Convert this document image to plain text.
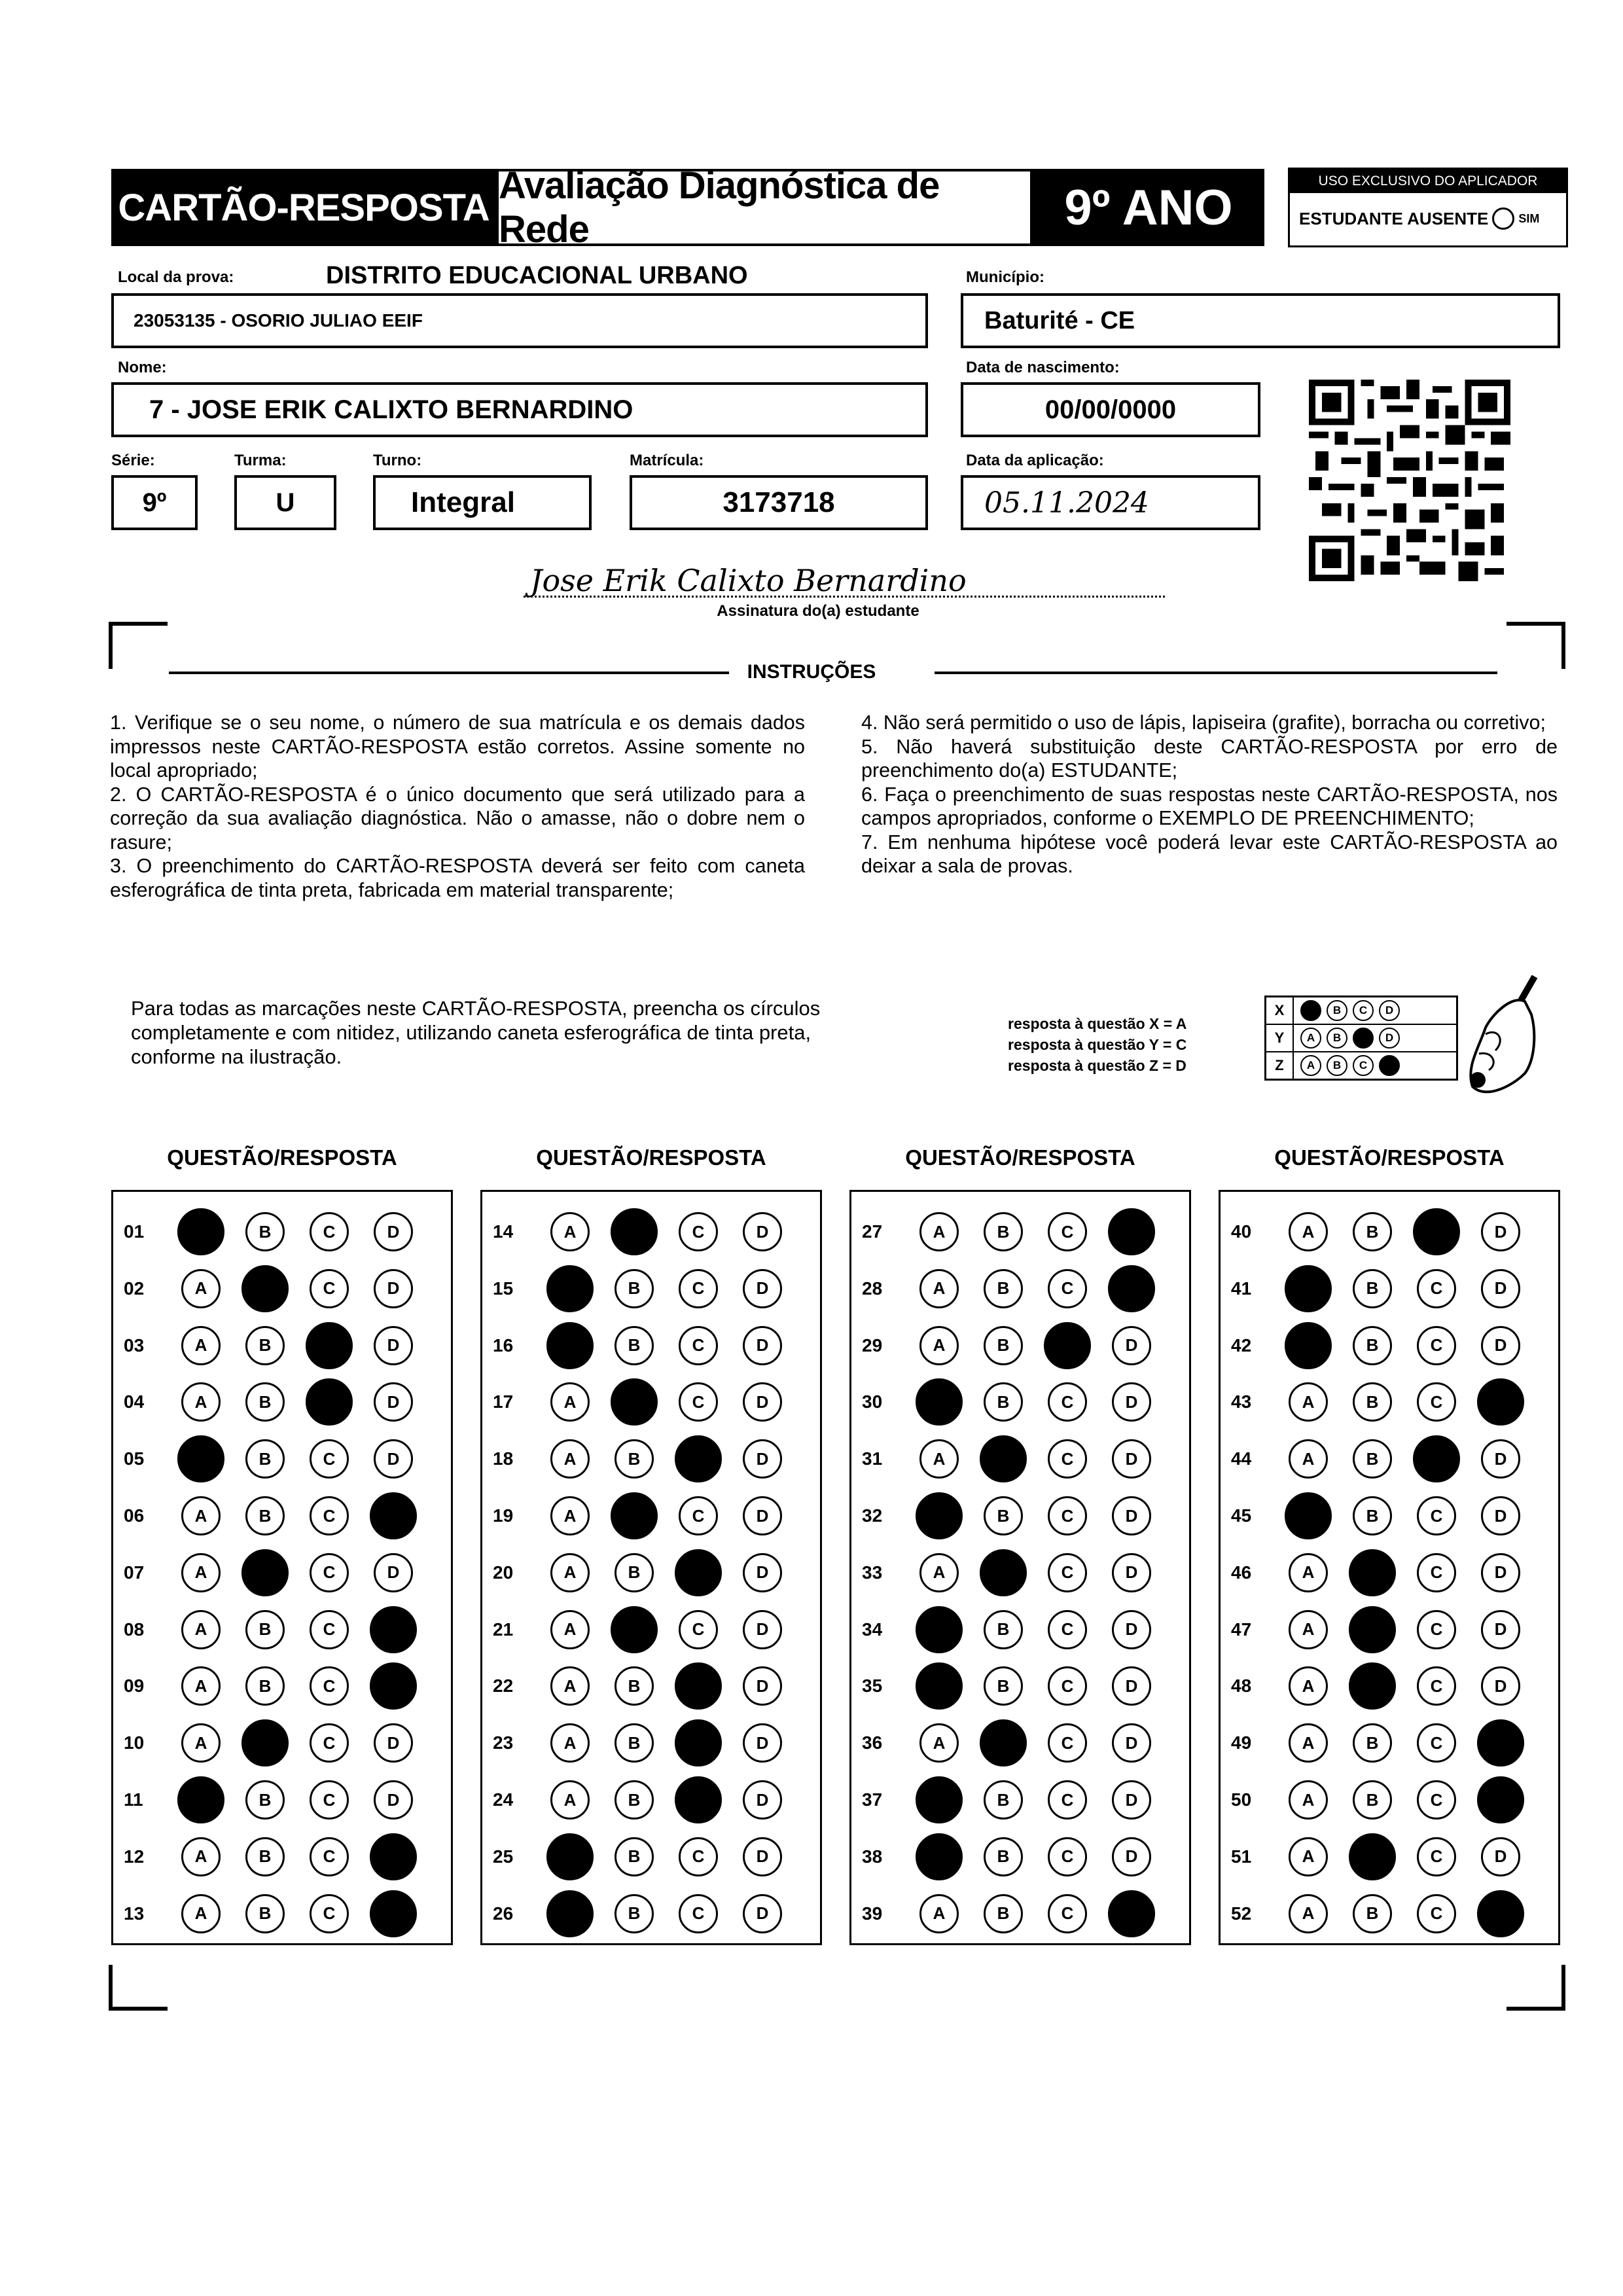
CARTÃO-RESPOSTA
Avaliação Diagnóstica de Rede	9º ANO	USO EXCLUSIVO DO APLICADOR
ESTUDANTE AUSENTE	SIM
Local da prova:	DISTRITO EDUCACIONAL URBANO
23053135 - OSORIO JULIAO EEIF
Município:
Baturité - CE
Nome:
7 - JOSE ERIK CALIXTO BERNARDINO
Data de nascimento:
00/00/0000
Série:
9º
Turma:
U
Turno:
Integral
Matrícula:
3173718
Data da aplicação:
05.11.2024
Jose Erik Calixto Bernardino
Assinatura do(a) estudante
INSTRUÇÕES
1. Verifique se o seu nome, o número de sua matrícula e os demais dados impressos neste CARTÃO-RESPOSTA estão corretos. Assine somente no local apropriado;
2. O CARTÃO-RESPOSTA é o único documento que será utilizado para a correção da sua avaliação diagnóstica. Não o amasse, não o dobre nem o rasure;
3. O preenchimento do CARTÃO-RESPOSTA deverá ser feito com caneta esferográfica de tinta preta, fabricada em material transparente;
4. Não será permitido o uso de lápis, lapiseira (grafite), borracha ou corretivo;
5. Não haverá substituição deste CARTÃO-RESPOSTA por erro de preenchimento do(a) ESTUDANTE;
6. Faça o preenchimento de suas respostas neste CARTÃO-RESPOSTA, nos campos apropriados, conforme o EXEMPLO DE PREENCHIMENTO;
7. Em nenhuma hipótese você poderá levar este CARTÃO-RESPOSTA ao deixar a sala de provas.
Para todas as marcações neste CARTÃO-RESPOSTA, preencha os círculos completamente e com nitidez, utilizando caneta esferográfica de tinta preta, conforme na ilustração.
resposta à questão X = A
resposta à questão Y = C
resposta à questão Z = D
X	B C D

Y	A B D

Z	A B C
QUESTÃO/RESPOSTA
01	B	C	D
02	A	C	D
03	A	B	D
04	A	B	D
05	B	C	D
06	A	B	C
07	A	C	D
08	A	B	C
09	A	B	C
10	A	C	D
11	B	C	D
12	A	B	C
13	A	B	C
QUESTÃO/RESPOSTA
14	A	C	D
15	B	C	D
16	B	C	D
17	A	C	D
18	A	B	D
19	A	C	D
20	A	B	D
21	A	C	D
22	A	B	D
23	A	B	D
24	A	B	D
25	B	C	D
26	B	C	D
QUESTÃO/RESPOSTA
27	A	B	C
28	A	B	C
29	A	B	D
30	B	C	D
31	A	C	D
32	B	C	D
33	A	C	D
34	B	C	D
35	B	C	D
36	A	C	D
37	B	C	D
38	B	C	D
39	A	B	C
QUESTÃO/RESPOSTA
40	A	B	D
41	B	C	D
42	B	C	D
43	A	B	C
44	A	B	D
45	B	C	D
46	A	C	D
47	A	C	D
48	A	C	D
49	A	B	C
50	A	B	C
51	A	C	D
52	A	B	C
